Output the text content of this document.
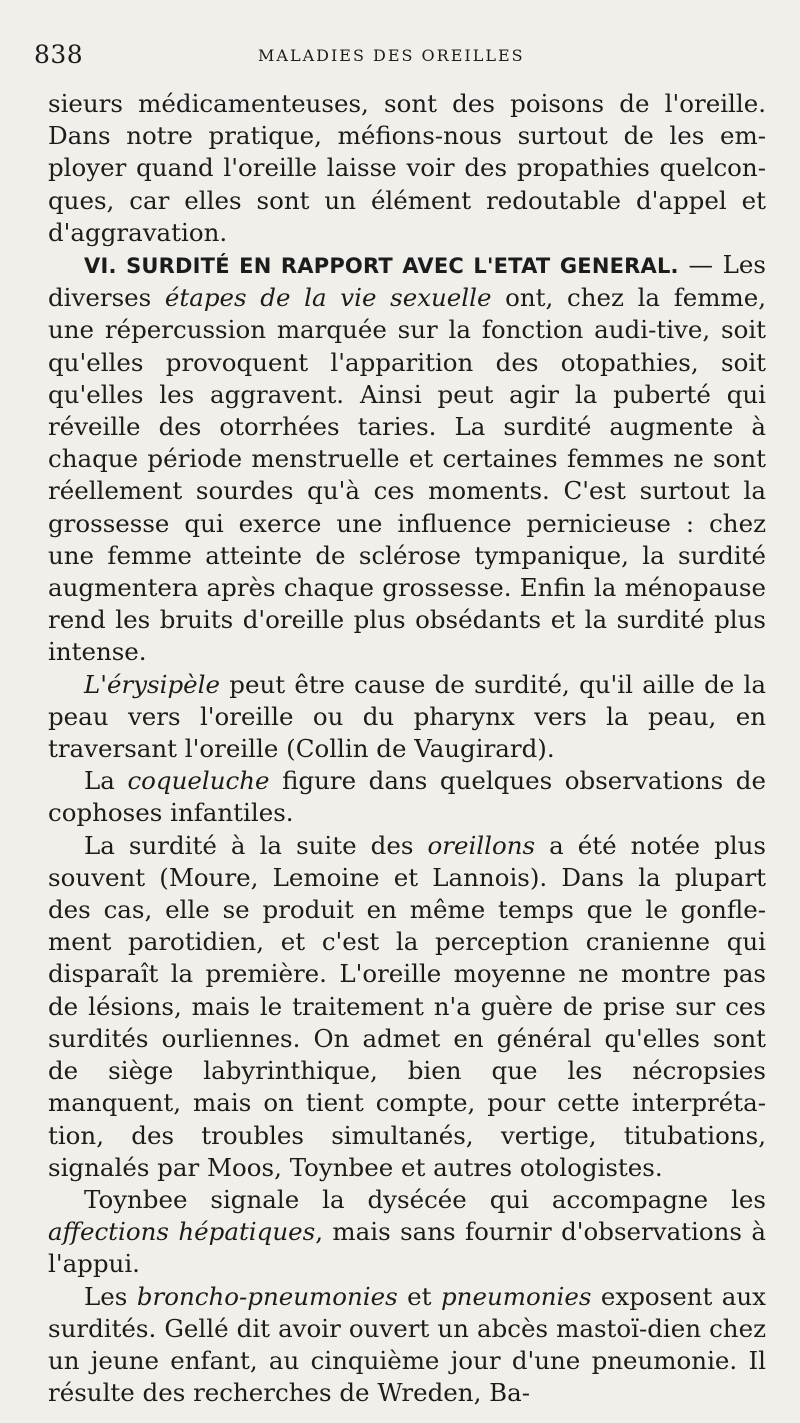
838	MALADIES DES OREILLES

sieurs médicamenteuses, sont des poisons de l'oreille. Dans notre pratique, méfions-nous surtout de les em-ployer quand l'oreille laisse voir des propathies quelcon-ques, car elles sont un élément redoutable d'appel et d'aggravation.

VI. SURDITÉ EN RAPPORT AVEC L'ETAT GENERAL. — Les diverses étapes de la vie sexuelle ont, chez la femme, une répercussion marquée sur la fonction audi-tive, soit qu'elles provoquent l'apparition des otopathies, soit qu'elles les aggravent. Ainsi peut agir la puberté qui réveille des otorrhées taries. La surdité augmente à chaque période menstruelle et certaines femmes ne sont réellement sourdes qu'à ces moments. C'est surtout la grossesse qui exerce une influence pernicieuse : chez une femme atteinte de sclérose tympanique, la surdité augmentera après chaque grossesse. Enfin la ménopause rend les bruits d'oreille plus obsédants et la surdité plus intense.

L'érysipèle peut être cause de surdité, qu'il aille de la peau vers l'oreille ou du pharynx vers la peau, en traversant l'oreille (Collin de Vaugirard).

La coqueluche figure dans quelques observations de cophoses infantiles.

La surdité à la suite des oreillons a été notée plus souvent (Moure, Lemoine et Lannois). Dans la plupart des cas, elle se produit en même temps que le gonfle-ment parotidien, et c'est la perception cranienne qui disparaît la première. L'oreille moyenne ne montre pas de lésions, mais le traitement n'a guère de prise sur ces surdités ourliennes. On admet en général qu'elles sont de siège labyrinthique, bien que les nécropsies manquent, mais on tient compte, pour cette interpréta-tion, des troubles simultanés, vertige, titubations, signalés par Moos, Toynbee et autres otologistes.

Toynbee signale la dysécée qui accompagne les affections hépatiques, mais sans fournir d'observations à l'appui.

Les broncho-pneumonies et pneumonies exposent aux surdités. Gellé dit avoir ouvert un abcès mastoï-dien chez un jeune enfant, au cinquième jour d'une pneumonie. Il résulte des recherches de Wreden, Ba-
